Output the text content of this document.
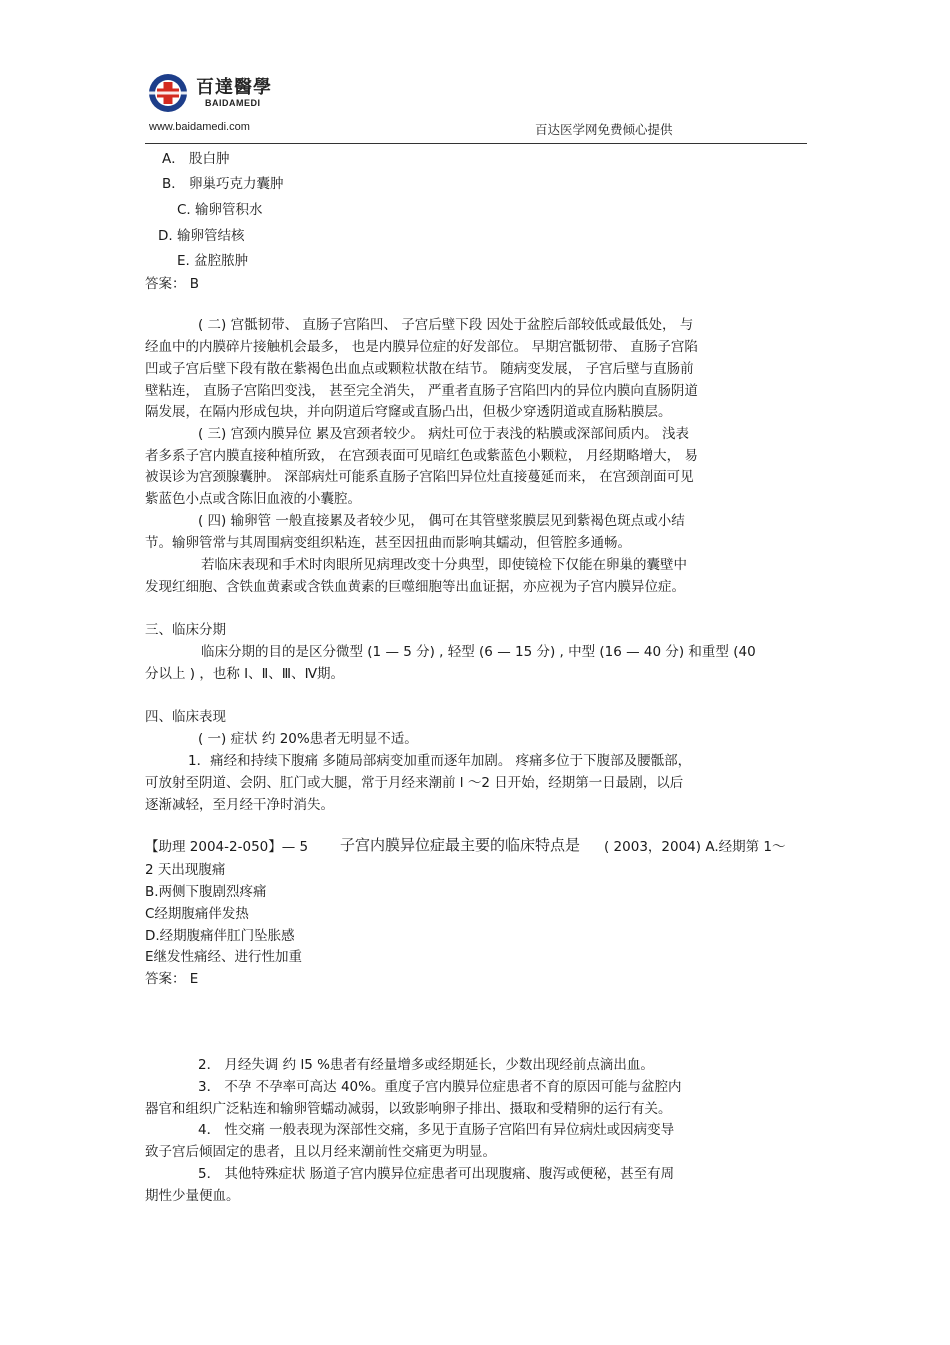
百達醫學
BAIDAMEDI
www.baidamedi.com	百达医学网免费倾心提供
A． 股白肿
B． 卵巢巧克力囊肿
C. 输卵管积水
D. 输卵管结核
E. 盆腔脓肿
答案： B
( 二) 宫骶韧带、 直肠子宫陷凹、 子宫后壁下段 因处于盆腔后部较低或最低处， 与
经血中的内膜碎片接触机会最多， 也是内膜异位症的好发部位。 早期宫骶韧带、 直肠子宫陷
凹或子宫后壁下段有散在紫褐色出血点或颗粒状散在结节。 随病变发展， 子宫后壁与直肠前
壁粘连， 直肠子宫陷凹变浅， 甚至完全消失， 严重者直肠子宫陷凹内的异位内膜向直肠阴道
隔发展，在隔内形成包块，并向阴道后穹窿或直肠凸出，但极少穿透阴道或直肠粘膜层。
( 三) 宫颈内膜异位 累及宫颈者较少。 病灶可位于表浅的粘膜或深部间质内。 浅表
者多系子宫内膜直接种植所致， 在宫颈表面可见暗红色或紫蓝色小颗粒， 月经期略增大， 易
被误诊为宫颈腺囊肿。 深部病灶可能系直肠子宫陷凹异位灶直接蔓延而来， 在宫颈剖面可见
紫蓝色小点或含陈旧血液的小囊腔。
( 四) 输卵管 一般直接累及者较少见， 偶可在其管壁浆膜层见到紫褐色斑点或小结
节。输卵管常与其周围病变组织粘连，甚至因扭曲而影响其蠕动，但管腔多通畅。
若临床表现和手术时肉眼所见病理改变十分典型，即使镜检下仅能在卵巢的囊壁中
发现红细胞、含铁血黄素或含铁血黄素的巨噬细胞等出血证据，亦应视为子宫内膜异位症。
三、临床分期
临床分期的目的是区分微型 (1 — 5 分) , 轻型 (6 — 15 分) , 中型 (16 — 40 分) 和重型 (40
分以上 ) ，也称 Ⅰ、Ⅱ、Ⅲ、Ⅳ期。
四、临床表现
( 一) 症状 约 20%患者无明显不适。
1．痛经和持续下腹痛 多随局部病变加重而逐年加剧。 疼痛多位于下腹部及腰骶部，
可放射至阴道、会阴、肛门或大腿，常于月经来潮前 l ～2 日开始，经期第一日最剧，以后
逐渐减轻，至月经干净时消失。
【助理 2004-2-050】— 5 子宫内膜异位症最主要的临床特点是 ( 2003，2004) A.经期第 1～
2 天出现腹痛
B.两侧下腹剧烈疼痛
C经期腹痛伴发热
D.经期腹痛伴肛门坠胀感
E继发性痛经、进行性加重
答案： E
2． 月经失调 约 l5 %患者有经量增多或经期延长，少数出现经前点滴出血。
3． 不孕 不孕率可高达 40%。重度子宫内膜异位症患者不育的原因可能与盆腔内
器官和组织广泛粘连和输卵管蠕动减弱，以致影响卵子排出、摄取和受精卵的运行有关。
4． 性交痛 一般表现为深部性交痛，多见于直肠子宫陷凹有异位病灶或因病变导
致子宫后倾固定的患者，且以月经来潮前性交痛更为明显。
5． 其他特殊症状 肠道子宫内膜异位症患者可出现腹痛、腹泻或便秘，甚至有周
期性少量便血。
